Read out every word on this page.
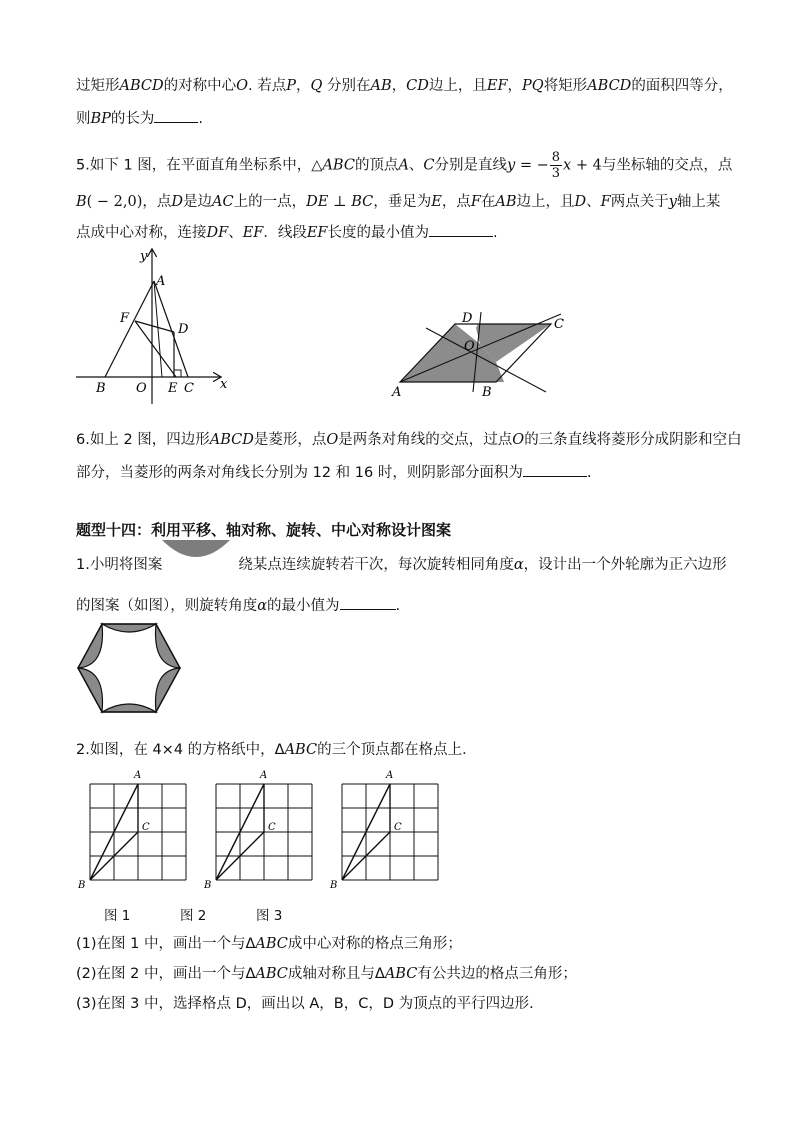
过矩形ABCD的对称中心O. 若点P，Q 分别在AB，CD边上，且EF，PQ将矩形ABCD的面积四等分，
则BP的长为	.
5.如下 1 图，在平面直角坐标系中，△ABC的顶点A、C分别是直线y = − $\frac{8}{3}$ x + 4与坐标轴的交点，点
B( − 2,0)，点D是边AC上的一点，DE ⊥ BC，垂足为E，点F在AB边上，且D、F两点关于y轴上某
点成中心对称，连接DF、EF．线段EF长度的最小值为	.
y
A
F
D
B O E C x
D	C
O
A	B
6.如上 2 图，四边形ABCD是菱形，点O是两条对角线的交点，过点O的三条直线将菱形分成阴影和空白
部分，当菱形的两条对角线长分别为 12 和 16 时，则阴影部分面积为	.
题型十四：利用平移、轴对称、旋转、中心对称设计图案
1.小明将图案	绕某点连续旋转若干次，每次旋转相同角度α，设计出一个外轮廓为正六边形
的图案（如图），则旋转角度α的最小值为	.
2.如图，在 4×4 的方格纸中，ΔABC的三个顶点都在格点上．
A
B
C
A
B
C
A
B
C
图 1	图 2	图 3
(1)在图 1 中，画出一个与ΔABC成中心对称的格点三角形；
(2)在图 2 中，画出一个与ΔABC成轴对称且与ΔABC有公共边的格点三角形；
(3)在图 3 中，选择格点 D，画出以 A，B，C，D 为顶点的平行四边形.
